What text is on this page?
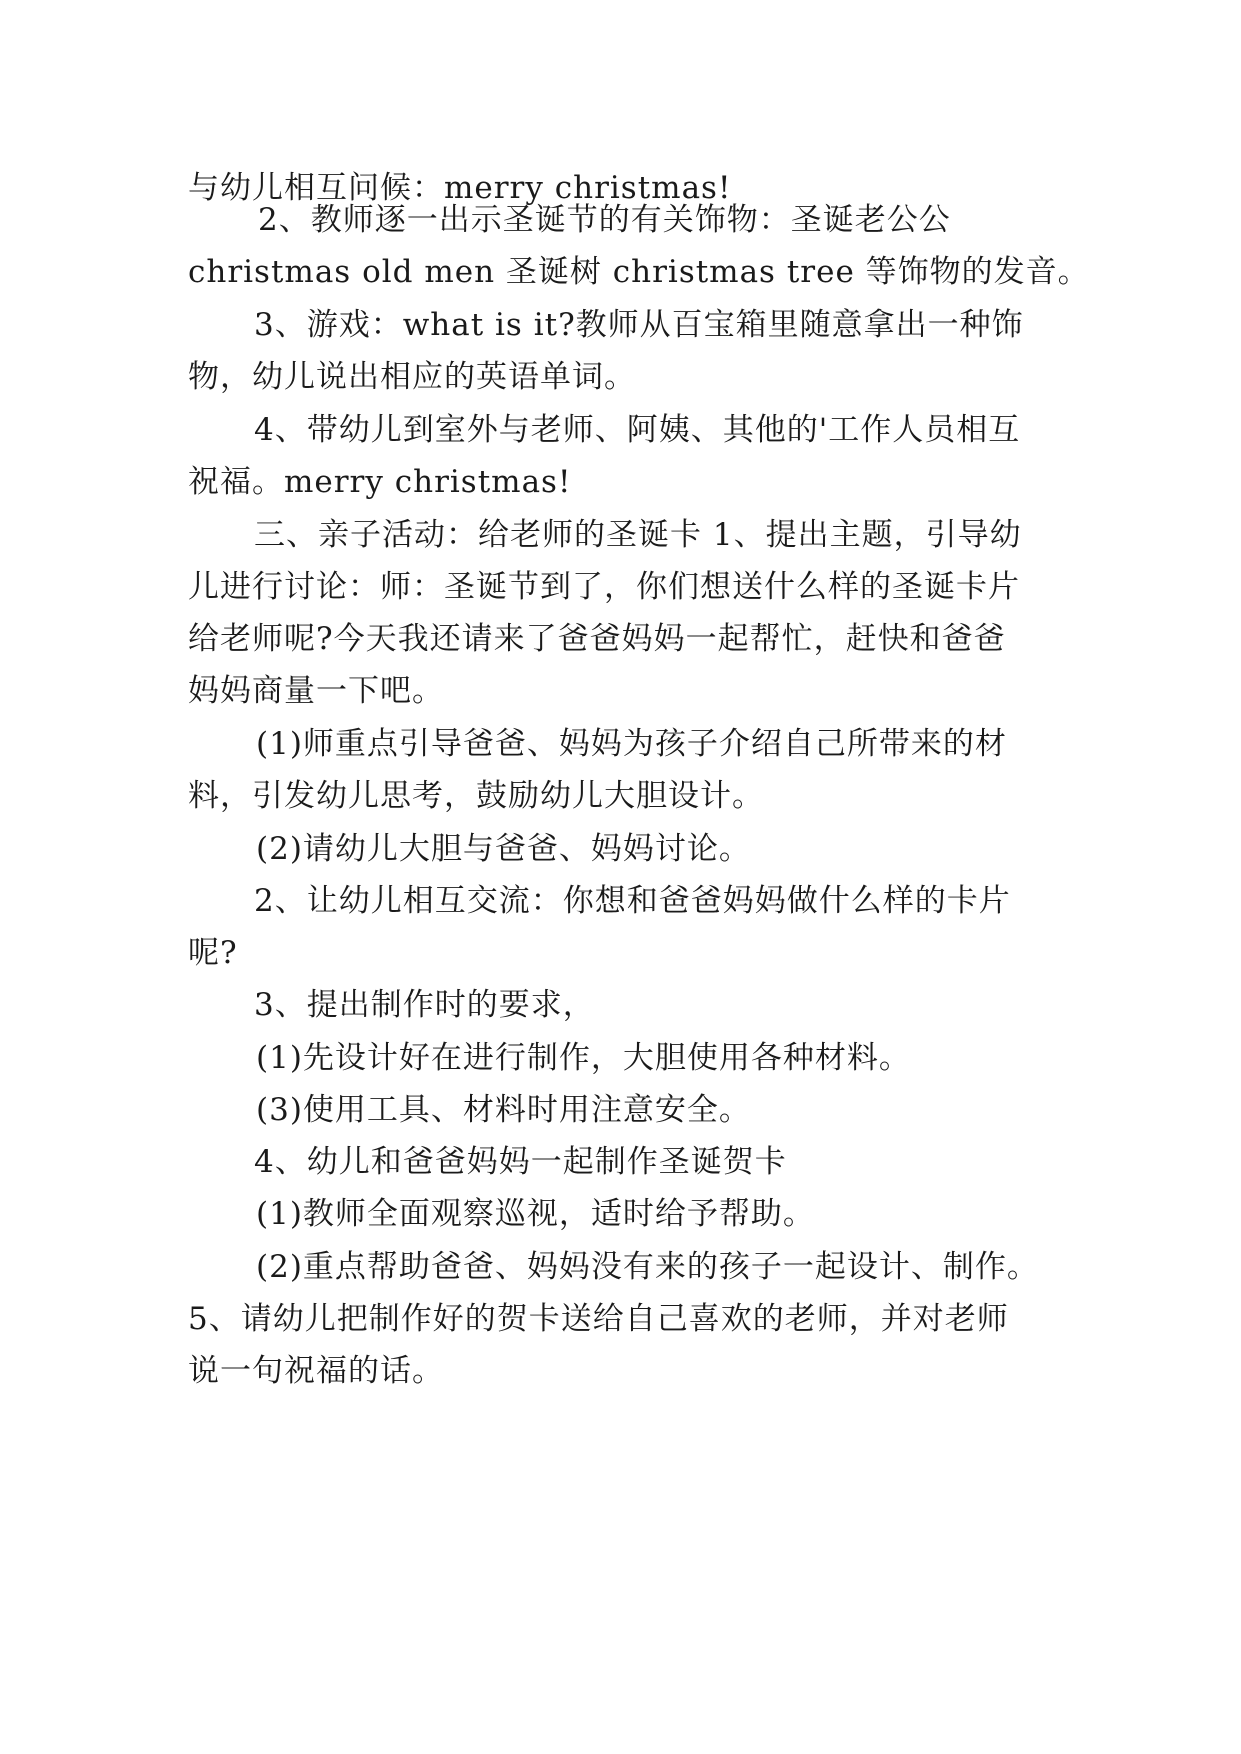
与幼儿相互问候：merry christmas!
2、教师逐一出示圣诞节的有关饰物：圣诞老公公
christmas old men 圣诞树 christmas tree 等饰物的发音。
3、游戏：what is it?教师从百宝箱里随意拿出一种饰
物，幼儿说出相应的英语单词。
4、带幼儿到室外与老师、阿姨、其他的'工作人员相互
祝福。merry christmas!
三、亲子活动：给老师的圣诞卡 1、提出主题，引导幼
儿进行讨论：师：圣诞节到了，你们想送什么样的圣诞卡片
给老师呢?今天我还请来了爸爸妈妈一起帮忙，赶快和爸爸
妈妈商量一下吧。
(1)师重点引导爸爸、妈妈为孩子介绍自己所带来的材
料，引发幼儿思考，鼓励幼儿大胆设计。
(2)请幼儿大胆与爸爸、妈妈讨论。
2、让幼儿相互交流：你想和爸爸妈妈做什么样的卡片
呢?
3、提出制作时的要求，
(1)先设计好在进行制作，大胆使用各种材料。
(3)使用工具、材料时用注意安全。
4、幼儿和爸爸妈妈一起制作圣诞贺卡
(1)教师全面观察巡视，适时给予帮助。
(2)重点帮助爸爸、妈妈没有来的孩子一起设计、制作。
5、请幼儿把制作好的贺卡送给自己喜欢的老师，并对老师
说一句祝福的话。
